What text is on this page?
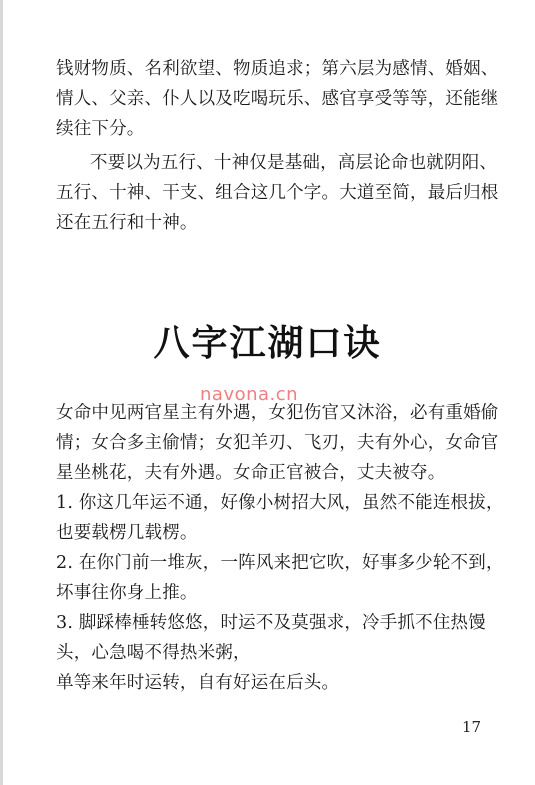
钱财物质、名利欲望、物质追求；第六层为感情、婚姻、
情人、父亲、仆人以及吃喝玩乐、感官享受等等，还能继
续往下分。
不要以为五行、十神仅是基础，高层论命也就阴阳、
五行、十神、干支、组合这几个字。大道至简，最后归根
还在五行和十神。
八字江湖口诀
navona.cn
女命中见两官星主有外遇，女犯伤官又沐浴，必有重婚偷
情；女合多主偷情；女犯羊刃、飞刃，夫有外心，女命官
星坐桃花，夫有外遇。女命正官被合，丈夫被夺。
1. 你这几年运不通，好像小树招大风，虽然不能连根拔，
也要载楞几载楞。
2. 在你门前一堆灰，一阵风来把它吹，好事多少轮不到，
坏事往你身上推。
3. 脚踩棒棰转悠悠，时运不及莫强求，冷手抓不住热馒
头，心急喝不得热米粥，
单等来年时运转，自有好运在后头。
17
